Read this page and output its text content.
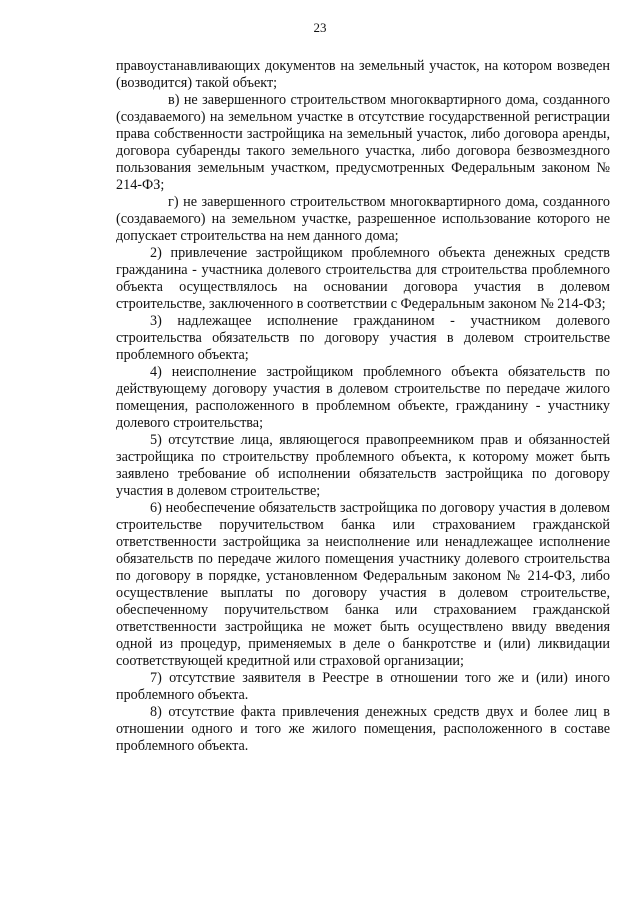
23

правоустанавливающих документов на земельный участок, на котором возведен (возводится) такой объект;

в) не завершенного строительством многоквартирного дома, созданного (создаваемого) на земельном участке в отсутствие государственной регистрации права собственности застройщика на земельный участок, либо договора аренды, договора субаренды такого земельного участка, либо договора безвозмездного пользования земельным участком, предусмотренных Федеральным законом № 214-ФЗ;

г) не завершенного строительством многоквартирного дома, созданного (создаваемого) на земельном участке, разрешенное использование которого не допускает строительства на нем данного дома;

2) привлечение застройщиком проблемного объекта денежных средств гражданина - участника долевого строительства для строительства проблемного объекта осуществлялось на основании договора участия в долевом строительстве, заключенного в соответствии с Федеральным законом № 214-ФЗ;

3) надлежащее исполнение гражданином - участником долевого строительства обязательств по договору участия в долевом строительстве проблемного объекта;

4) неисполнение застройщиком проблемного объекта обязательств по действующему договору участия в долевом строительстве по передаче жилого помещения, расположенного в проблемном объекте, гражданину - участнику долевого строительства;

5) отсутствие лица, являющегося правопреемником прав и обязанностей застройщика по строительству проблемного объекта, к которому может быть заявлено требование об исполнении обязательств застройщика по договору участия в долевом строительстве;

6) необеспечение обязательств застройщика по договору участия в долевом строительстве поручительством банка или страхованием гражданской ответственности застройщика за неисполнение или ненадлежащее исполнение обязательств по передаче жилого помещения участнику долевого строительства по договору в порядке, установленном Федеральным законом № 214-ФЗ, либо осуществление выплаты по договору участия в долевом строительстве, обеспеченному поручительством банка или страхованием гражданской ответственности застройщика не может быть осуществлено ввиду введения одной из процедур, применяемых в деле о банкротстве и (или) ликвидации соответствующей кредитной или страховой организации;

7) отсутствие заявителя в Реестре в отношении того же и (или) иного проблемного объекта.

8) отсутствие факта привлечения денежных средств двух и более лиц в отношении одного и того же жилого помещения, расположенного в составе проблемного объекта.
